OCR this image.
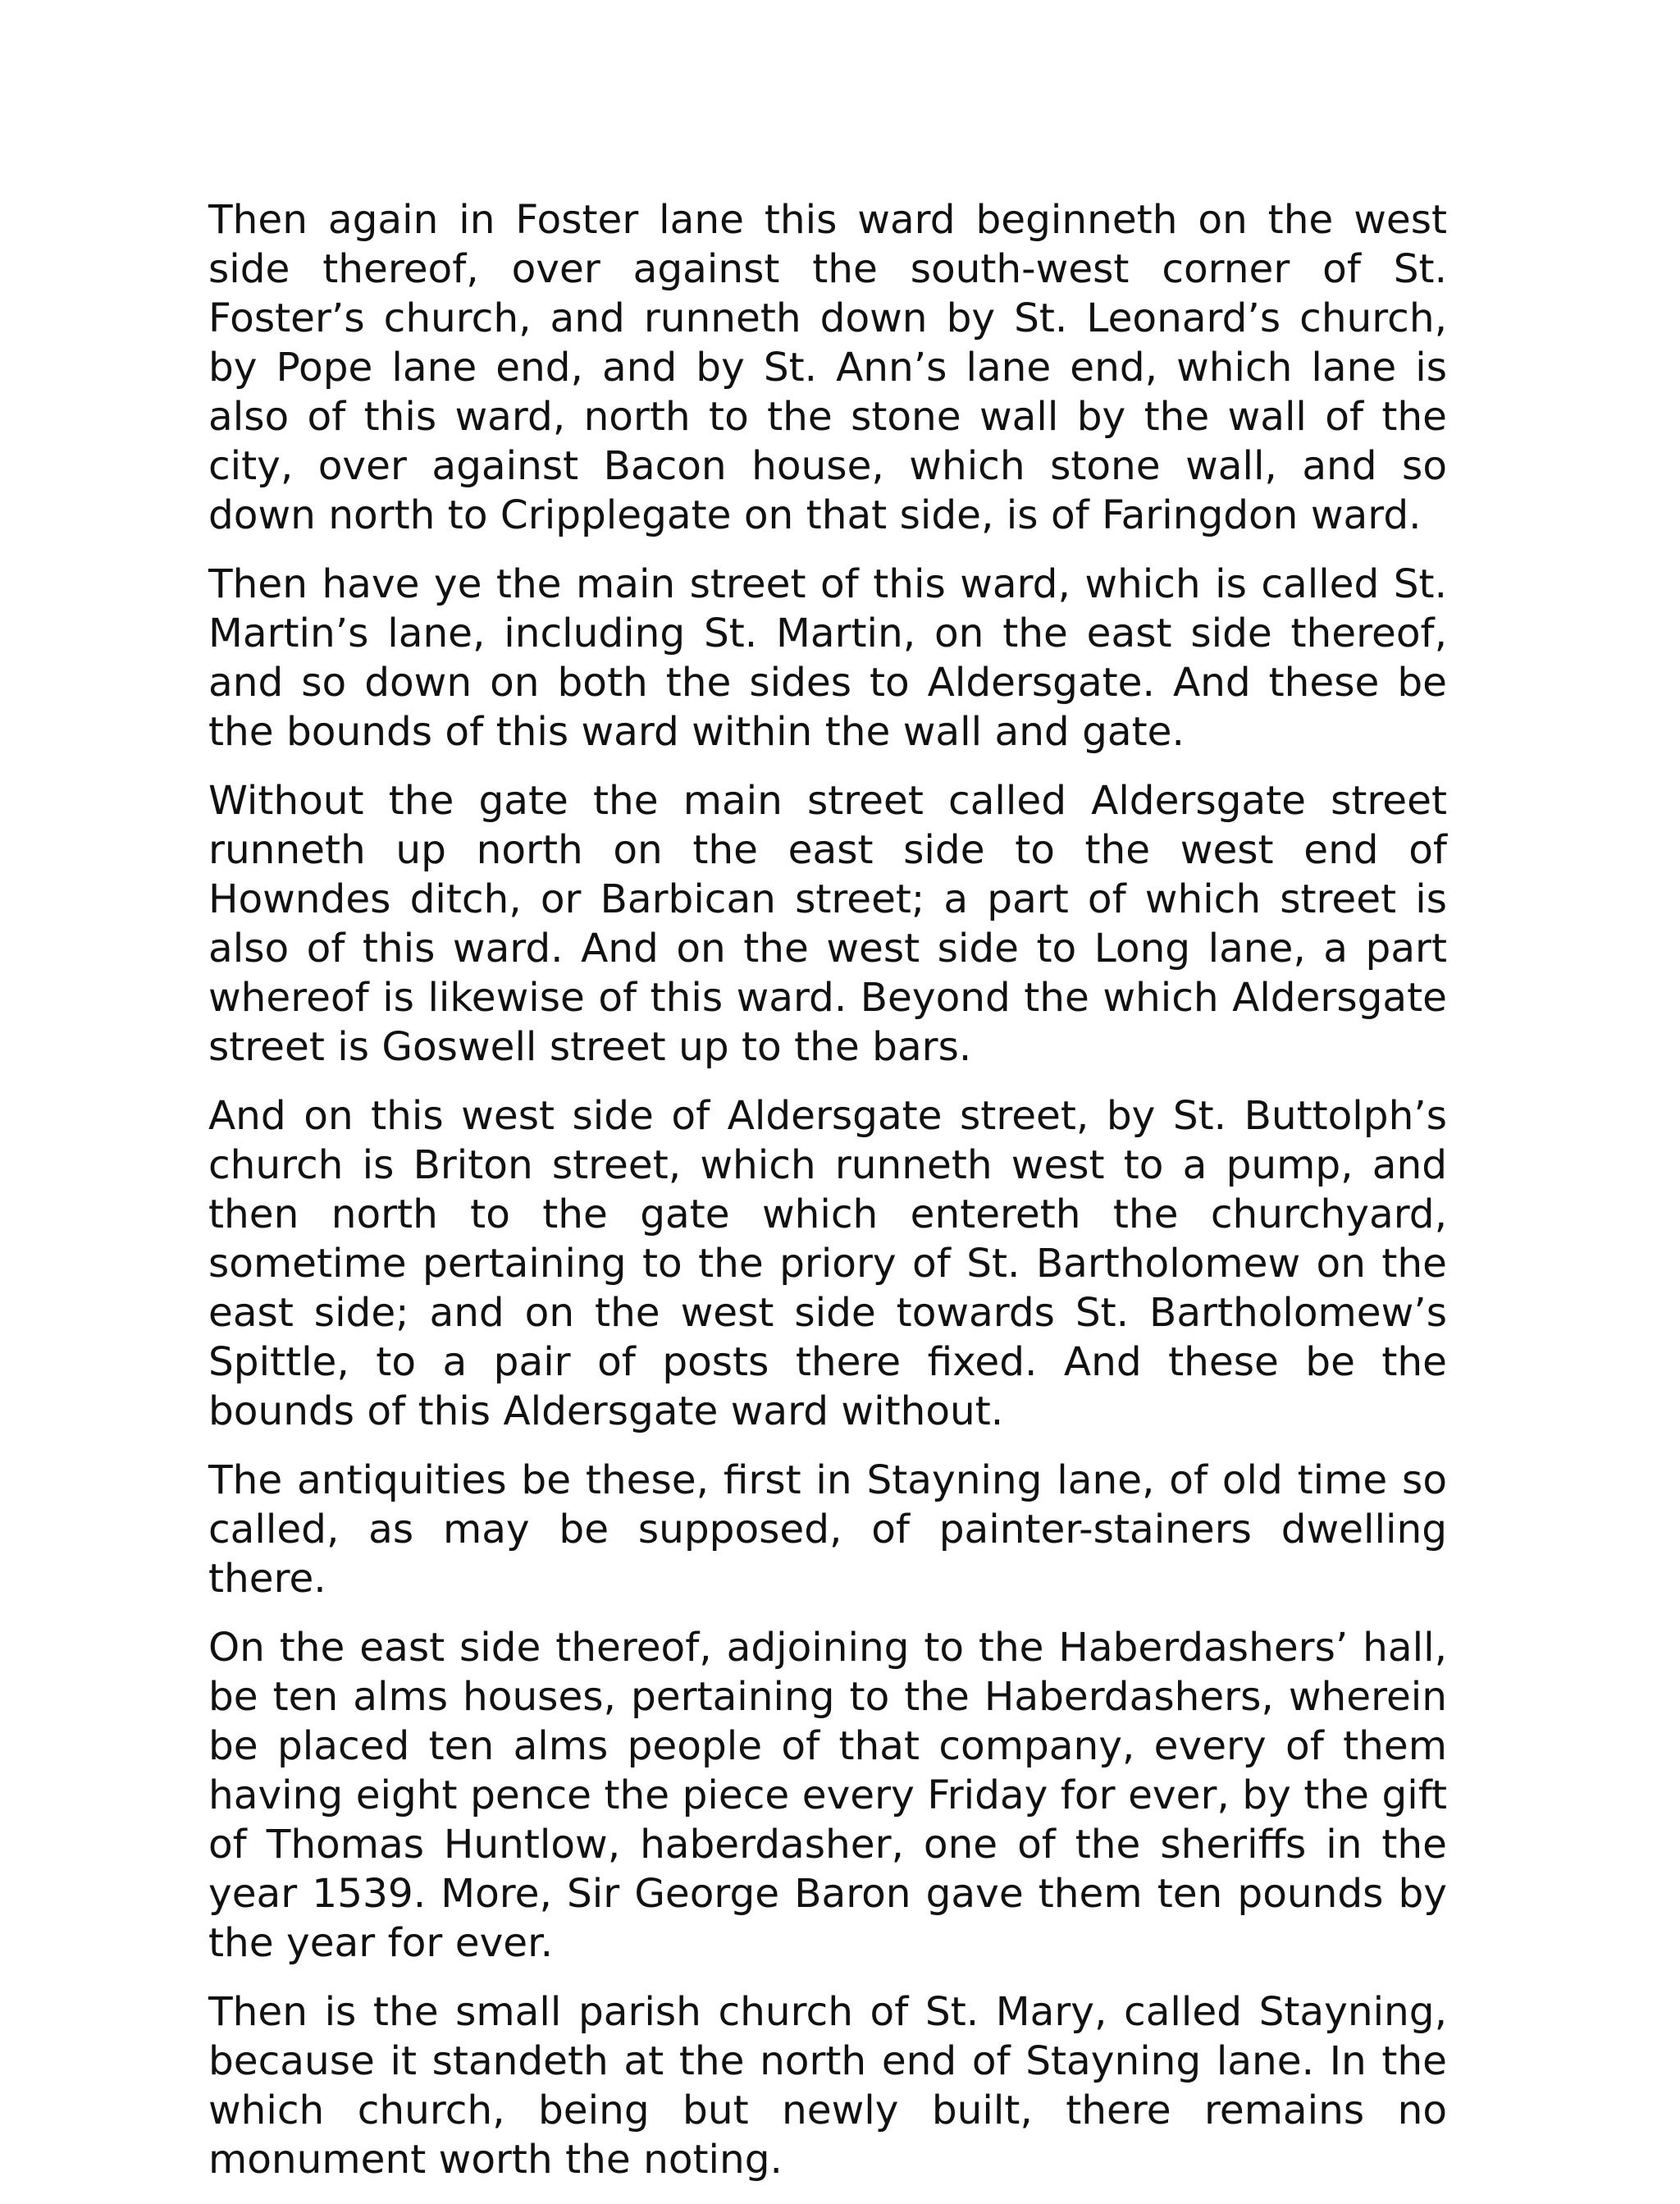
Then again in Foster lane this ward beginneth on the west side thereof, over against the south-west corner of St. Foster’s church, and runneth down by St. Leonard’s church, by Pope lane end, and by St. Ann’s lane end, which lane is also of this ward, north to the stone wall by the wall of the city, over against Bacon house, which stone wall, and so down north to Cripplegate on that side, is of Faringdon ward.

Then have ye the main street of this ward, which is called St. Martin’s lane, including St. Martin, on the east side thereof, and so down on both the sides to Aldersgate. And these be the bounds of this ward within the wall and gate.

Without the gate the main street called Aldersgate street runneth up north on the east side to the west end of Howndes ditch, or Barbican street; a part of which street is also of this ward. And on the west side to Long lane, a part whereof is likewise of this ward. Beyond the which Aldersgate street is Goswell street up to the bars.

And on this west side of Aldersgate street, by St. Buttolph’s church is Briton street, which runneth west to a pump, and then north to the gate which entereth the churchyard, sometime pertaining to the priory of St. Bartholomew on the east side; and on the west side towards St. Bartholomew’s Spittle, to a pair of posts there fixed. And these be the bounds of this Aldersgate ward without.

The antiquities be these, first in Stayning lane, of old time so called, as may be supposed, of painter-stainers dwelling there.

On the east side thereof, adjoining to the Haberdashers’ hall, be ten alms houses, pertaining to the Haberdashers, wherein be placed ten alms people of that company, every of them having eight pence the piece every Friday for ever, by the gift of Thomas Huntlow, haberdasher, one of the sheriffs in the year 1539. More, Sir George Baron gave them ten pounds by the year for ever.

Then is the small parish church of St. Mary, called Stayning, because it standeth at the north end of Stayning lane. In the which church, being but newly built, there remains no monument worth the noting.
